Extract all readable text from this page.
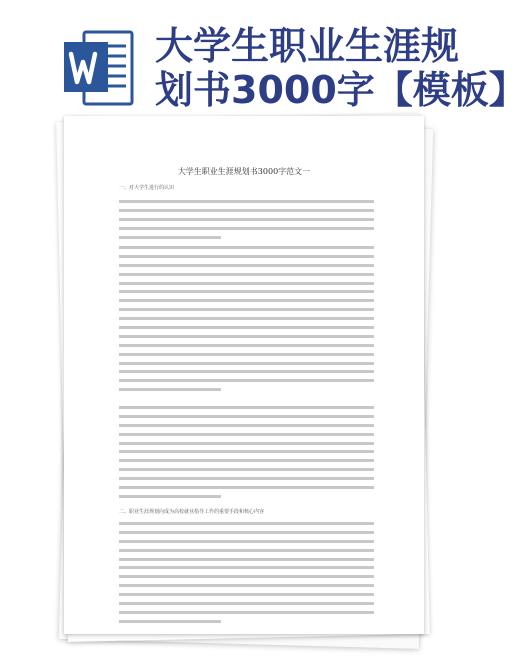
大学生职业生涯规
划书3000字【模板】
大学生职业生涯规划书3000字范文一
一、对大学生进行的认识
二、职业生涯规划向成为高校就业指导工作的重要手段和核心内容
